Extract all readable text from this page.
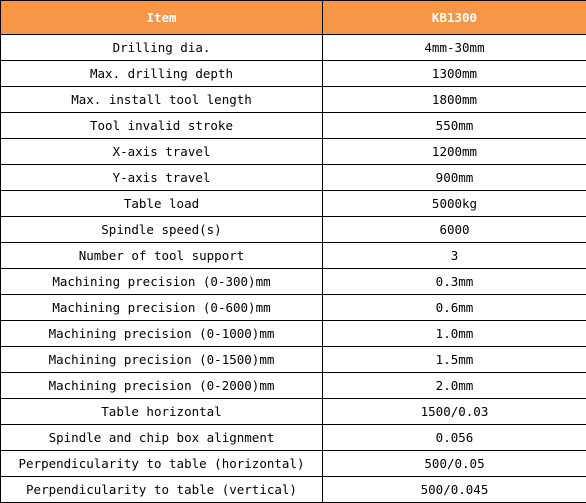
Item	KB1300
Drilling dia.	4mm-30mm
Max. drilling depth	1300mm
Max. install tool length	1800mm
Tool invalid stroke	550mm
X-axis travel	1200mm
Y-axis travel	900mm
Table load	5000kg
Spindle speed(s)	6000
Number of tool support	3
Machining precision (0-300)mm	0.3mm
Machining precision (0-600)mm	0.6mm
Machining precision (0-1000)mm	1.0mm
Machining precision (0-1500)mm	1.5mm
Machining precision (0-2000)mm	2.0mm
Table horizontal	1500/0.03
Spindle and chip box alignment	0.056
Perpendicularity to table (horizontal)	500/0.05
Perpendicularity to table (vertical)	500/0.045
